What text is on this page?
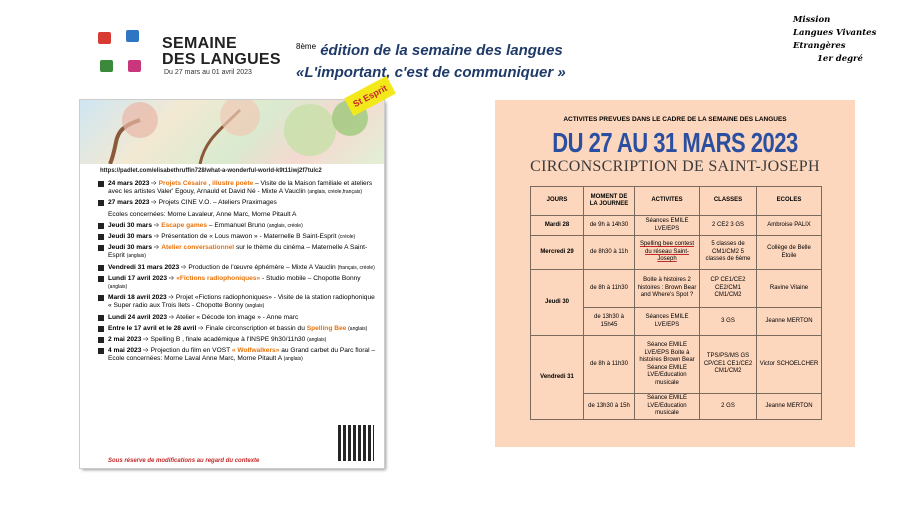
SEMAINE
DES LANGUES
Du 27 mars au 01 avril 2023
$^{8ème}$ édition de la semaine des langues
«L'important, c'est de communiquer »
Mission
Langues Vivantes
Etrangères
1er degré
https://padlet.com/elisabethruffin728/what-a-wonderful-world-k9t11iwj2f7tulc2
24 mars 2023 ➩ Projets Césaire , illustre poète – Visite de la Maison familiale et ateliers avec les artistes Valer' Egouy, Arnauld et David Né - Mixte A Vauclin (anglais, créole,français)
27 mars 2023 ➩ Projets CINE V.O. – Ateliers Praximages
Ecoles concernées: Morne Lavaleur, Anne Marc, Morne Pitault A
Jeudi 30 mars ➩ Escape games – Emmanuel Bruno (anglais, créole)
Jeudi 30 mars ➩ Présentation de « Lous mawon » - Maternelle B Saint-Esprit (créole)
Jeudi 30 mars ➩ Atelier conversationnel sur le thème du cinéma – Maternelle A Saint-Esprit (anglais)
Vendredi 31 mars 2023 ➩ Production de l'œuvre éphémère – Mixte A Vauclin (français, créole)
Lundi 17 avril 2023 ➩ «Fictions radiophoniques» - Studio mobile – Chopotte Bonny (anglais)
Mardi 18 avril 2023 ➩ Projet «Fictions radiophoniques» - Visite de la station radiophonique « Super radio aux Trois Ilets - Chopotte Bonny (anglais)
Lundi 24 avril 2023 ➩ Atelier « Décode ton image » - Anne marc
Entre le 17 avril et le 28 avril ➩ Finale circonscription et bassin du Spelling Bee (anglais)
2 mai 2023 ➩ Spelling B , finale académique à l'INSPE 9h30/11h30 (anglais)
4 mai 2023 ➩ Projection du film en VOST « Wolfwalkers» au Grand carbet du Parc floral – Ecole concernées: Morne Laval Anne Marc, Morne Pitault A (anglais)
Sous réserve de modifications au regard du contexte
St Esprit
ACTIVITES PREVUES DANS LE CADRE DE LA SEMAINE DES LANGUES
DU 27 AU 31 MARS 2023
CIRCONSCRIPTION DE SAINT-JOSEPH
JOURS	MOMENT DE LA JOURNEE	ACTIVITES	CLASSES	ECOLES
Mardi 28	de 9h à 14h30	Séances EMILE LVE/EPS	2 CE2 3 GS	Ambroise PALIX
Mercredi 29	de 8h30 à 11h	Spelling bee contest du réseau Saint-Joseph	5 classes de CM1/CM2 5 classes de 6ème	Collège de Belle Etoile
Jeudi 30	de 8h à 11h30	Boite à histoires 2 histoires : Brown Bear and Where's Spot ?	CP CE1/CE2 CE2/CM1 CM1/CM2	Ravine Vilaine
	de 13h30 à 15h45	Séances EMILE LVE/EPS	3 GS	Jeanne MERTON
Vendredi 31	de 8h à 11h30	Séance EMILE LVE/EPS Boite à histoires Brown Bear Séance EMILE LVE/Education musicale	TPS/PS/MS GS CP/CE1 CE1/CE2 CM1/CM2	Victor SCHOELCHER
	de 13h30 à 15h	Séance EMILE LVE/Education musicale	2 GS	Jeanne MERTON
